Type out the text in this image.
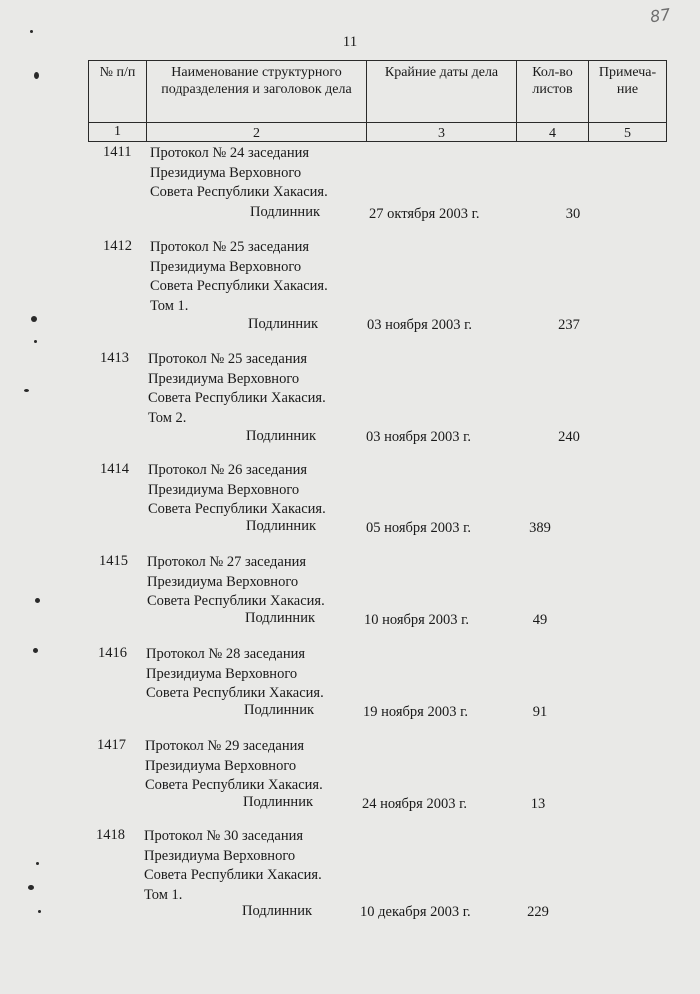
11
87
№ п/п	Наименование структурного подразделения и заголовок дела	Крайние даты дела	Кол-во листов	Примеча-ние
1	2	3	4	5
1411 Протокол № 24 заседания
Президиума Верховного
Совета Республики Хакасия.
Подлинник	27 октября 2003 г.	30
1412 Протокол № 25 заседания
Президиума Верховного
Совета Республики Хакасия.
Том 1.
Подлинник	03 ноября 2003 г.	237
1413 Протокол № 25 заседания
Президиума Верховного
Совета Республики Хакасия.
Том 2.
Подлинник	03 ноября 2003 г.	240
1414 Протокол № 26 заседания
Президиума Верховного
Совета Республики Хакасия.
Подлинник	05 ноября 2003 г.	389
1415 Протокол № 27 заседания
Президиума Верховного
Совета Республики Хакасия.
Подлинник	10 ноября 2003 г.	49
1416 Протокол № 28 заседания
Президиума Верховного
Совета Республики Хакасия.
Подлинник	19 ноября 2003 г.	91
1417 Протокол № 29 заседания
Президиума Верховного
Совета Республики Хакасия.
Подлинник	24 ноября 2003 г.	13
1418 Протокол № 30 заседания
Президиума Верховного
Совета Республики Хакасия.
Том 1.
Подлинник	10 декабря 2003 г.	229
